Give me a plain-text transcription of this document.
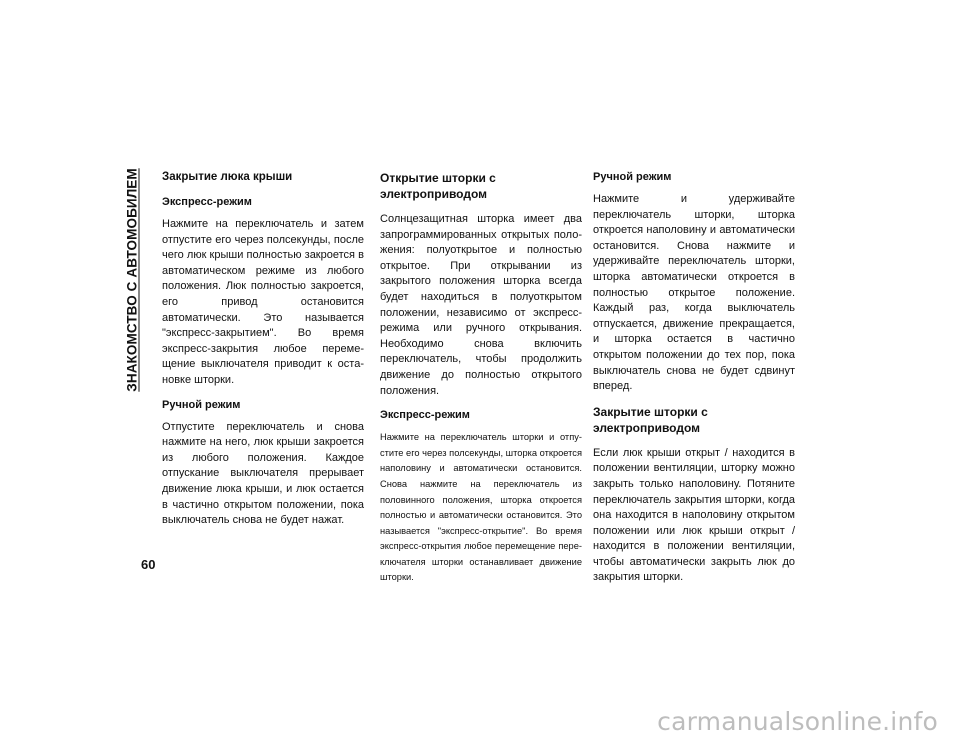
ЗНАКОМСТВО С АВТОМОБИЛЕМ Закрытие люка крыши
Экспресс-режим

Нажмите на переключатель и затем отпустите его через полсекунды, после чего люк крыши полностью закроется в автоматическом режиме из любого положения. Люк полностью закроется, его привод остановится автоматически. Это называется "экспресс-закрытием". Во время экспресс-закрытия любое перемещение выключателя приводит к остановке шторки.

Ручной режим

Отпустите переключатель и снова нажмите на него, люк крыши закроется из любого положения. Каждое отпускание выключателя прерывает движение люка крыши, и люк остается в частично открытом положении, пока выключатель снова не будет нажат.

Открытие шторки с электроприводом

Солнцезащитная шторка имеет два запрограммированных открытых положения: полуоткрытое и полностью открытое. При открывании из закрытого положения шторка всегда будет находиться в полуоткрытом положении, независимо от экспресс-режима или ручного открывания. Необходимо снова включить переключатель, чтобы продолжить движение до полностью открытого положения.

Экспресс-режим

Нажмите на переключатель шторки и отпустите его через полсекунды, шторка откроется наполовину и автоматически остановится. Снова нажмите на переключатель из половинного положения, шторка откроется полностью и автоматически остановится. Это называется "экспресс-открытие". Во время экспресс-открытия любое перемещение переключателя шторки останавливает движение шторки.

Ручной режим

Нажмите и удерживайте переключатель шторки, шторка откроется наполовину и автоматически остановится. Снова нажмите и удерживайте переключатель шторки, шторка автоматически откроется в полностью открытое положение. Каждый раз, когда выключатель отпускается, движение прекращается, и шторка остается в частично открытом положении до тех пор, пока выключатель снова не будет сдвинут вперед.

Закрытие шторки с электроприводом

Если люк крыши открыт / находится в положении вентиляции, шторку можно закрыть только наполовину. Потяните переключатель закрытия шторки, когда она находится в наполовину открытом положении или люк крыши открыт / находится в положении вентиляции, чтобы автоматически закрыть люк до закрытия шторки.

60
carmanualsonline.info
